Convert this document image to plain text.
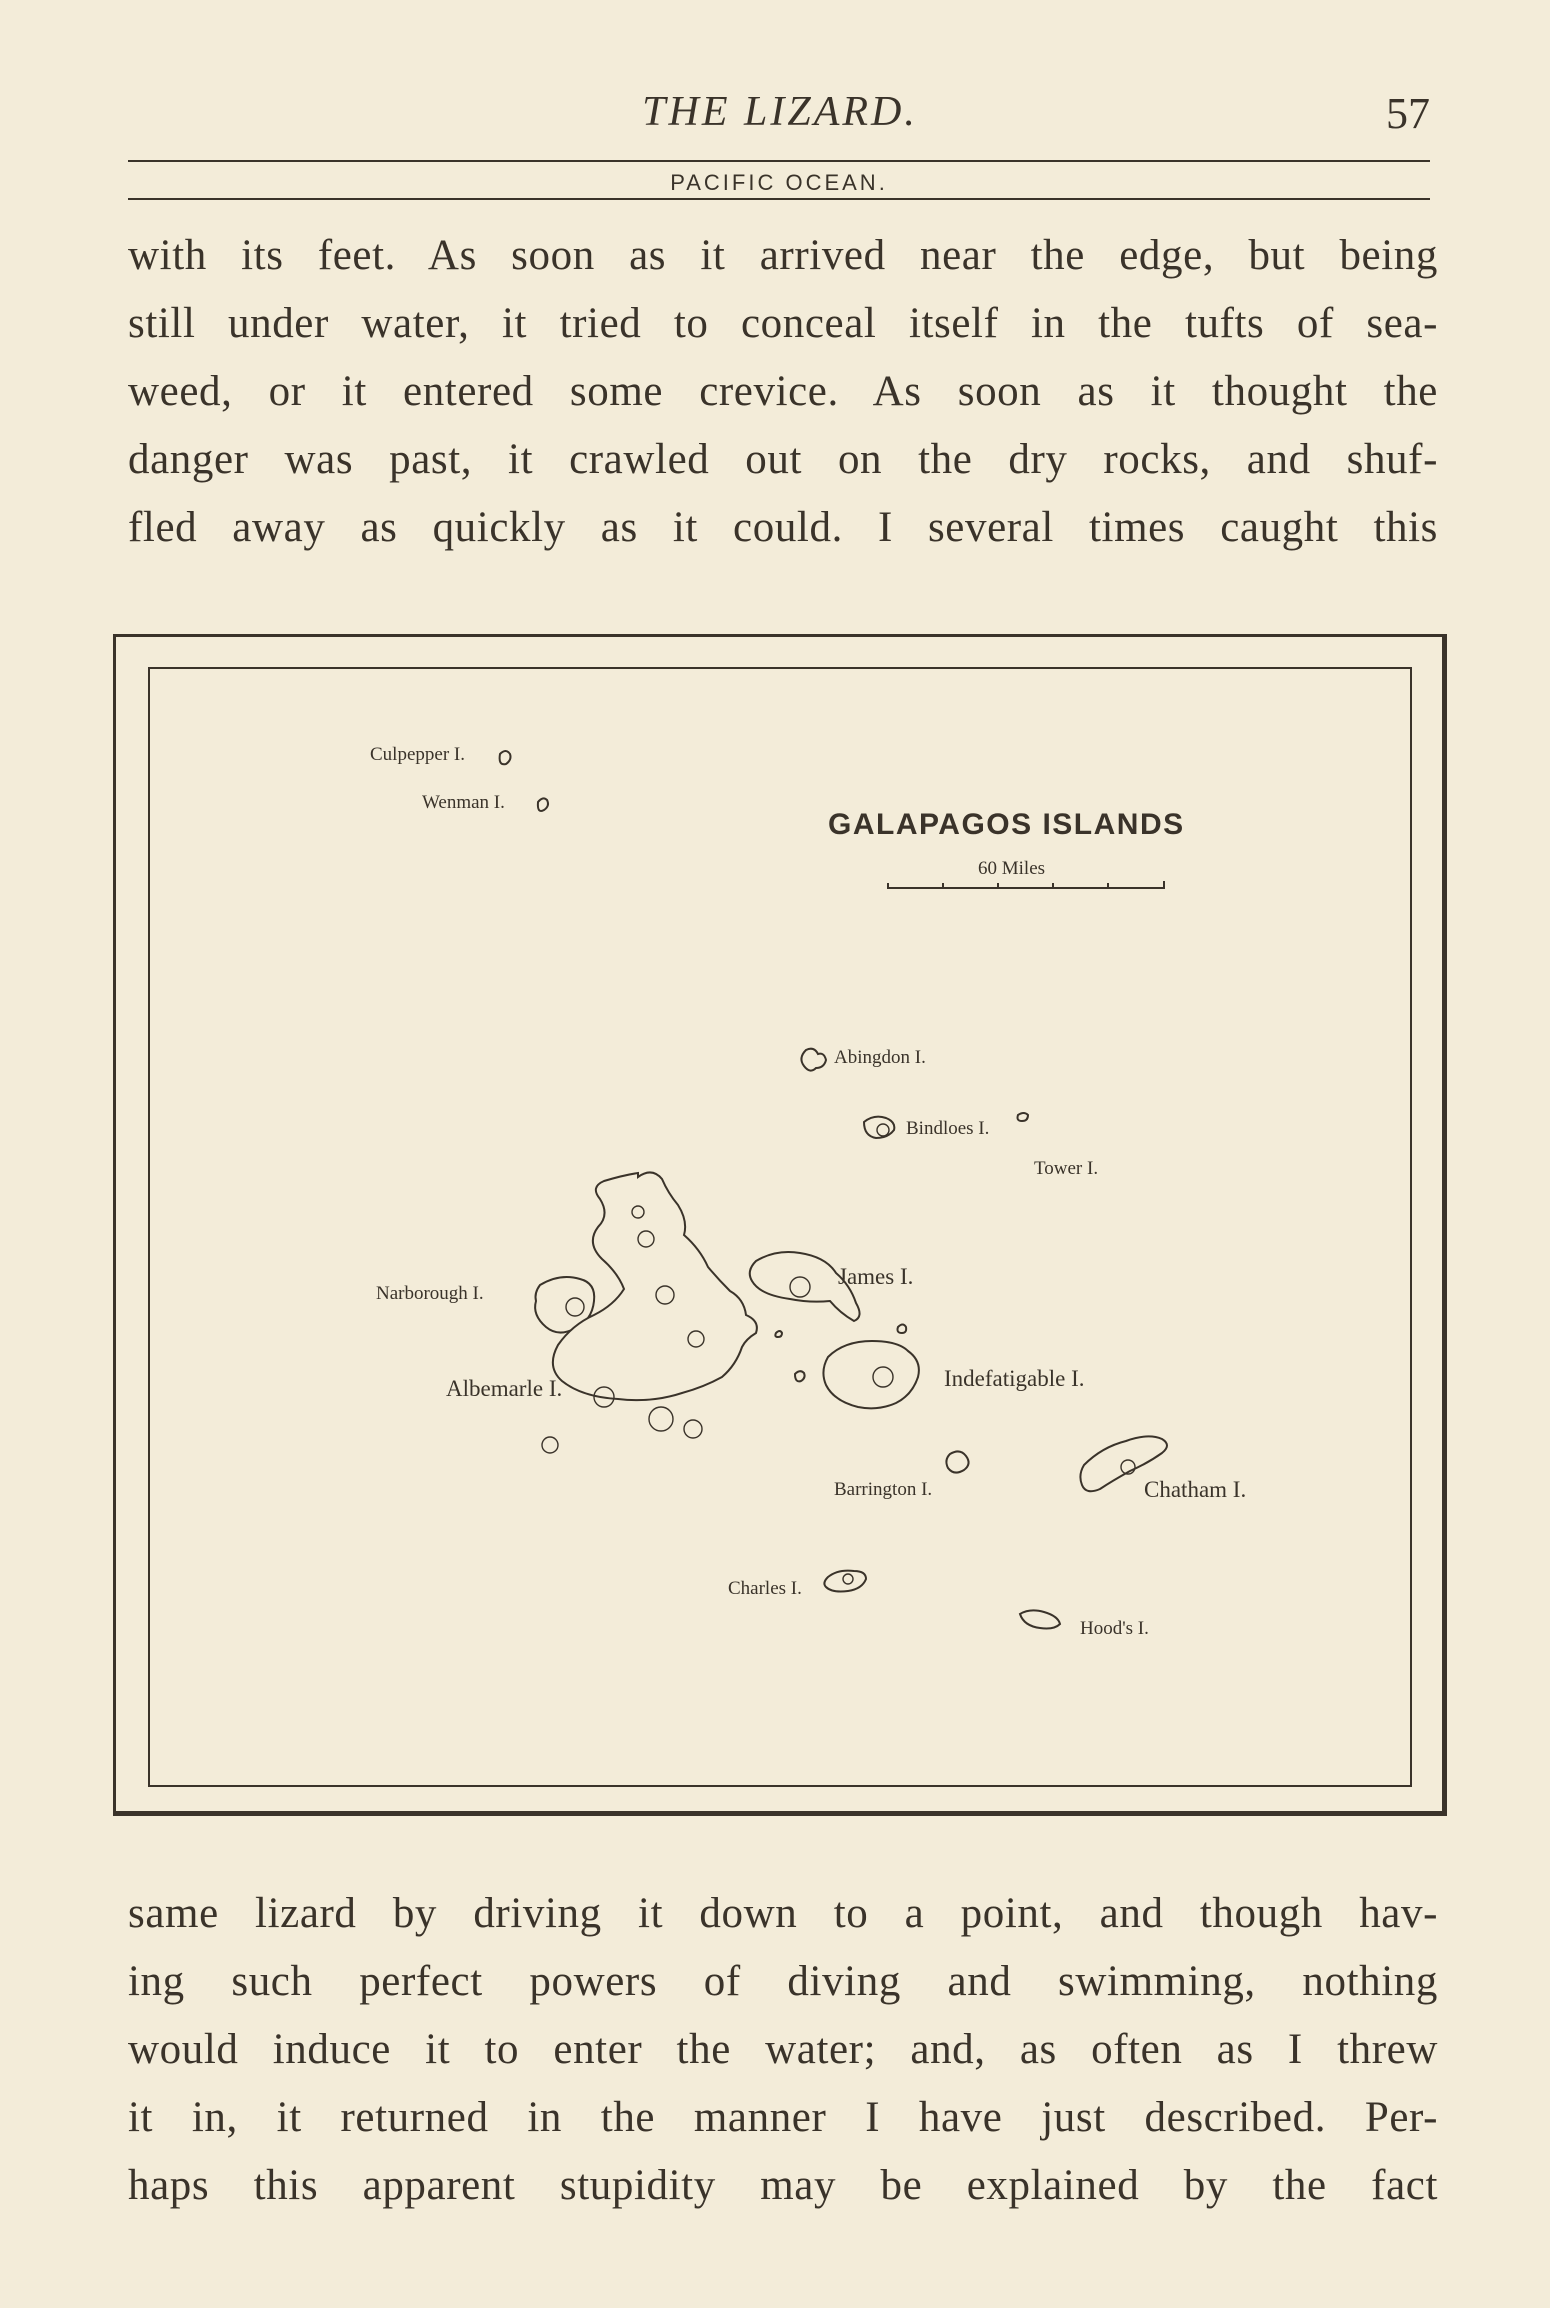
THE LIZARD.	57
PACIFIC OCEAN.
with its feet. As soon as it arrived near the edge, but being
still under water, it tried to conceal itself in the tufts of sea-
weed, or it entered some crevice. As soon as it thought the
danger was past, it crawled out on the dry rocks, and shuf-
fled away as quickly as it could. I several times caught this
GALAPAGOS ISLANDS
60 Miles
Culpepper I.
Wenman I.
Abingdon I.
Bindloes I.
Tower I.
James I.
Narborough I.
Albemarle I.	Indefatigable I.
Barrington I.	Chatham I.
Charles I.
Hood's I.
same lizard by driving it down to a point, and though hav-
ing such perfect powers of diving and swimming, nothing
would induce it to enter the water; and, as often as I threw
it in, it returned in the manner I have just described. Per-
haps this apparent stupidity may be explained by the fact
